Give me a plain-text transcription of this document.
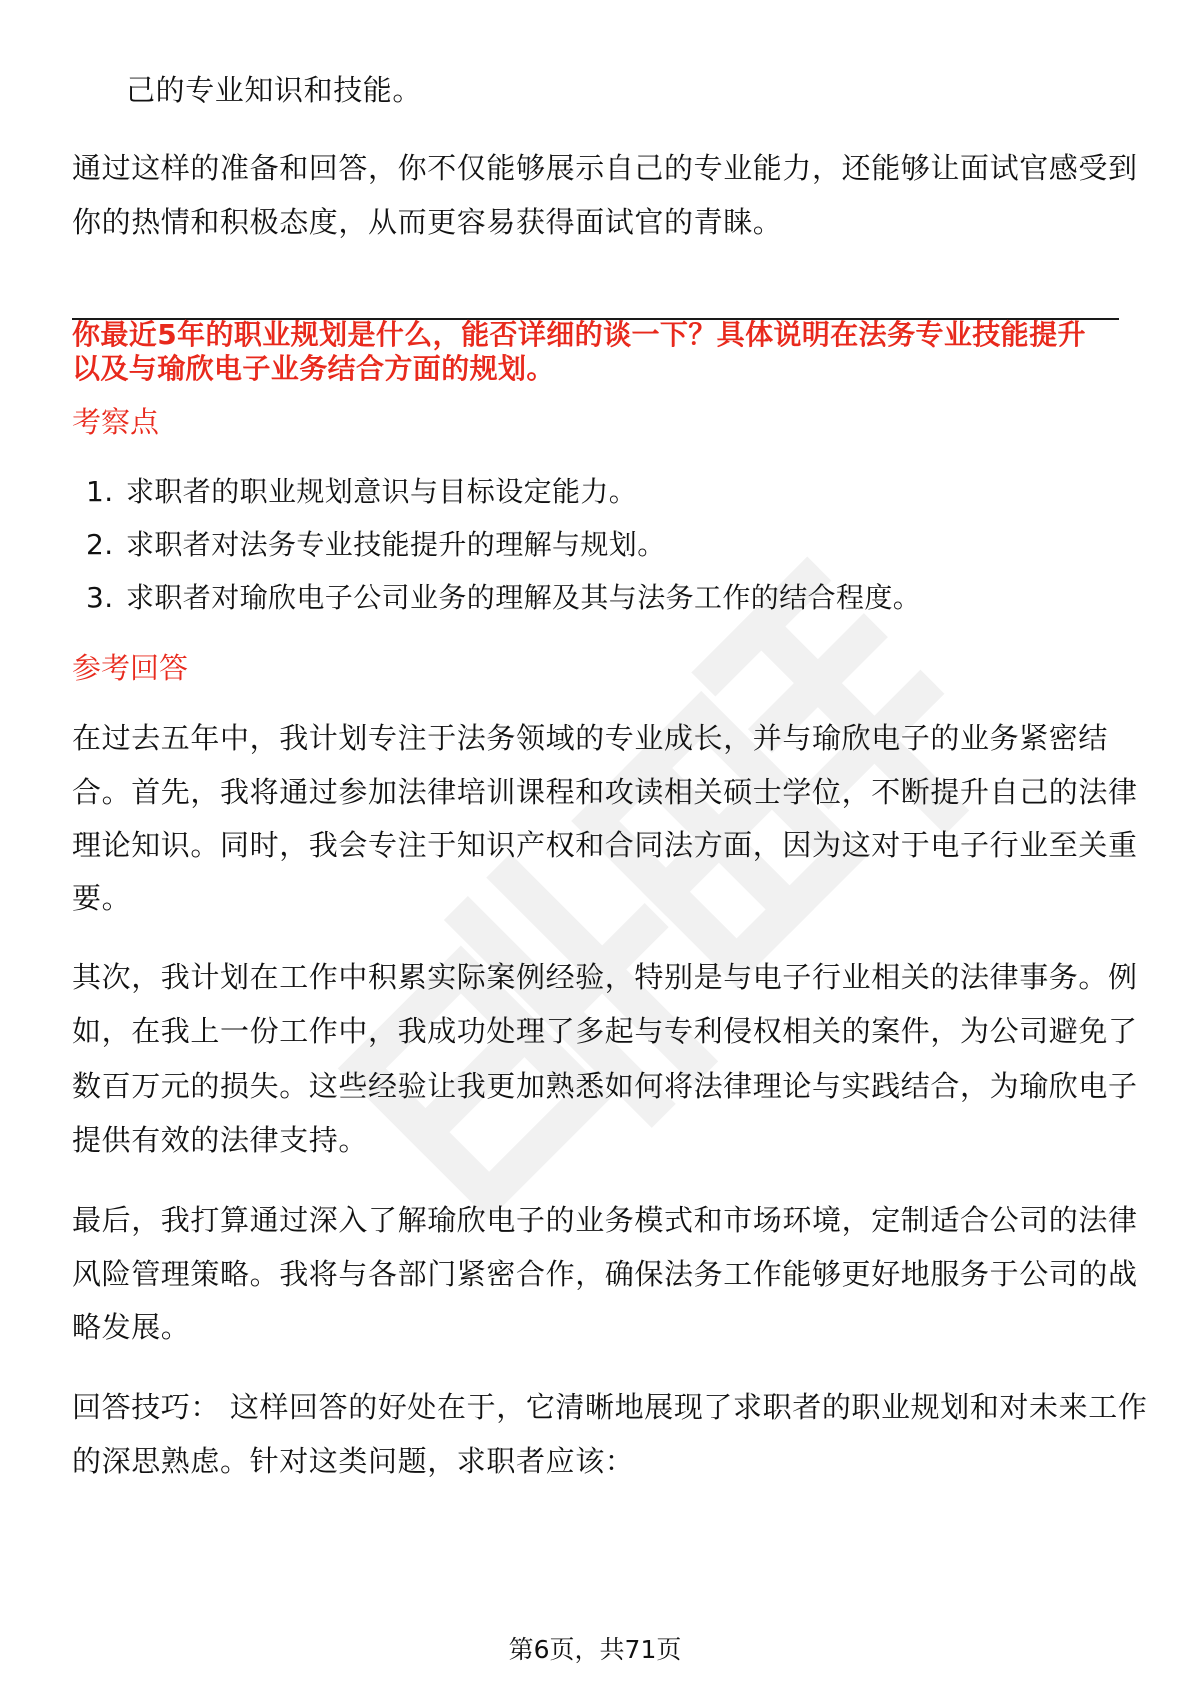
己的专业知识和技能。
通过这样的准备和回答，你不仅能够展示自己的专业能力，还能够让面试官感受到
你的热情和积极态度，从而更容易获得面试官的青睐。
你最近5年的职业规划是什么，能否详细的谈一下？具体说明在法务专业技能提升
以及与瑜欣电子业务结合方面的规划。
考察点
1. 求职者的职业规划意识与目标设定能力。
2. 求职者对法务专业技能提升的理解与规划。
3. 求职者对瑜欣电子公司业务的理解及其与法务工作的结合程度。
参考回答
在过去五年中，我计划专注于法务领域的专业成长，并与瑜欣电子的业务紧密结
合。首先，我将通过参加法律培训课程和攻读相关硕士学位，不断提升自己的法律
理论知识。同时，我会专注于知识产权和合同法方面，因为这对于电子行业至关重
要。
其次，我计划在工作中积累实际案例经验，特别是与电子行业相关的法律事务。例
如，在我上一份工作中，我成功处理了多起与专利侵权相关的案件，为公司避免了
数百万元的损失。这些经验让我更加熟悉如何将法律理论与实践结合，为瑜欣电子
提供有效的法律支持。
最后，我打算通过深入了解瑜欣电子的业务模式和市场环境，定制适合公司的法律
风险管理策略。我将与各部门紧密合作，确保法务工作能够更好地服务于公司的战
略发展。
回答技巧： 这样回答的好处在于，它清晰地展现了求职者的职业规划和对未来工作
的深思熟虑。针对这类问题，求职者应该：
第6页，共71页
